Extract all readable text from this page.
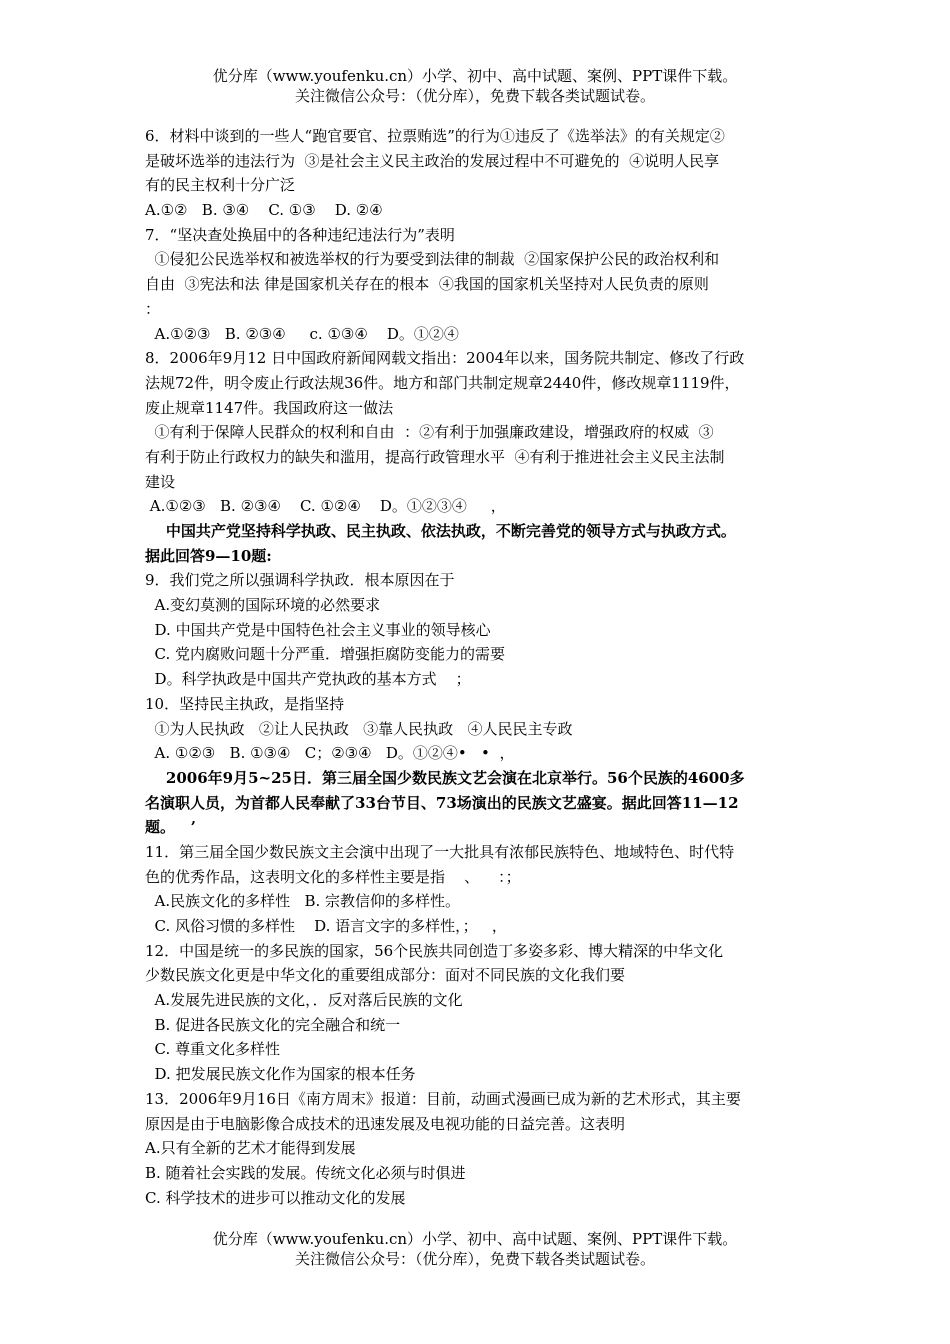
优分库（www.youfenku.cn）小学、初中、高中试题、案例、PPT课件下载。
关注微信公众号：（优分库），免费下载各类试题试卷。
6．材料中谈到的一些人“跑官要官、拉票贿选”的行为①违反了《选举法》的有关规定②
是破坏选举的违法行为  ③是社会主义民主政治的发展过程中不可避免的  ④说明人民享
有的民主权利十分广泛
A.①②   B. ③④    C. ①③    D. ②④
7．“坚决查处换届中的各种违纪违法行为”表明
①侵犯公民选举权和被选举权的行为要受到法律的制裁  ②国家保护公民的政治权利和
自由  ③宪法和法 律是国家机关存在的根本  ④我国的国家机关坚持对人民负责的原则
：
A.①②③   B. ②③④     c. ①③④    D。①②④
8．2006年9月12 日中国政府新闻网载文指出：2004年以来，国务院共制定、修改了行政
法规72件，明令废止行政法规36件。地方和部门共制定规章2440件，修改规章1119件，
废止规章1147件。我国政府这一做法
①有利于保障人民群众的权利和自由  ：②有利于加强廉政建设，增强政府的权威  ③
有利于防止行政权力的缺失和滥用，提高行政管理水平  ④有利于推进社会主义民主法制
建设
A.①②③   B. ②③④    C. ①②④    D。①②③④     ，
中国共产党坚持科学执政、民主执政、依法执政，不断完善党的领导方式与执政方式。
据此回答9—10题:
9．我们党之所以强调科学执政．根本原因在于
A.变幻莫测的国际环境的必然要求
D. 中国共产党是中国特色社会主义事业的领导核心
C. 党内腐败问题十分严重．增强拒腐防变能力的需要
D。科学执政是中国共产党执政的基本方式    ；
10．坚持民主执政，是指坚持
①为人民执政   ②让人民执政   ③靠人民执政   ④人民民主专政
A. ①②③   B. ①③④   C；②③④   D。①②④•   •  ，
2006年9月5~25日．第三届全国少数民族文艺会演在北京举行。56个民族的4600多
名演职人员，为首都人民奉献了33台节目、73场演出的民族文艺盛宴。据此回答11—12
题。   ’
11．第三届全国少数民族文主会演中出现了一大批具有浓郁民族特色、地域特色、时代特
色的优秀作品，这表明文化的多样性主要是指    、    ：；
A.民族文化的多样性   B. 宗教信仰的多样性。
C. 风俗习惯的多样性    D. 语言文字的多样性，；   ，
12．中国是统一的多民族的国家，56个民族共同创造丁多姿多彩、博大精深的中华文化
少数民族文化更是中华文化的重要组成部分：面对不同民族的文化我们要
A.发展先进民族的文化，．反对落后民族的文化
B. 促进各民族文化的完全融合和统一
C. 尊重文化多样性
D. 把发展民族文化作为国家的根本任务
13．2006年9月16日《南方周末》报道：目前，动画式漫画已成为新的艺术形式，其主要
原因是由于电脑影像合成技术的迅速发展及电视功能的日益完善。这表明
A.只有全新的艺术才能得到发展
B. 随着社会实践的发展。传统文化必须与时俱进
C. 科学技术的进步可以推动文化的发展
优分库（www.youfenku.cn）小学、初中、高中试题、案例、PPT课件下载。
关注微信公众号：（优分库），免费下载各类试题试卷。
